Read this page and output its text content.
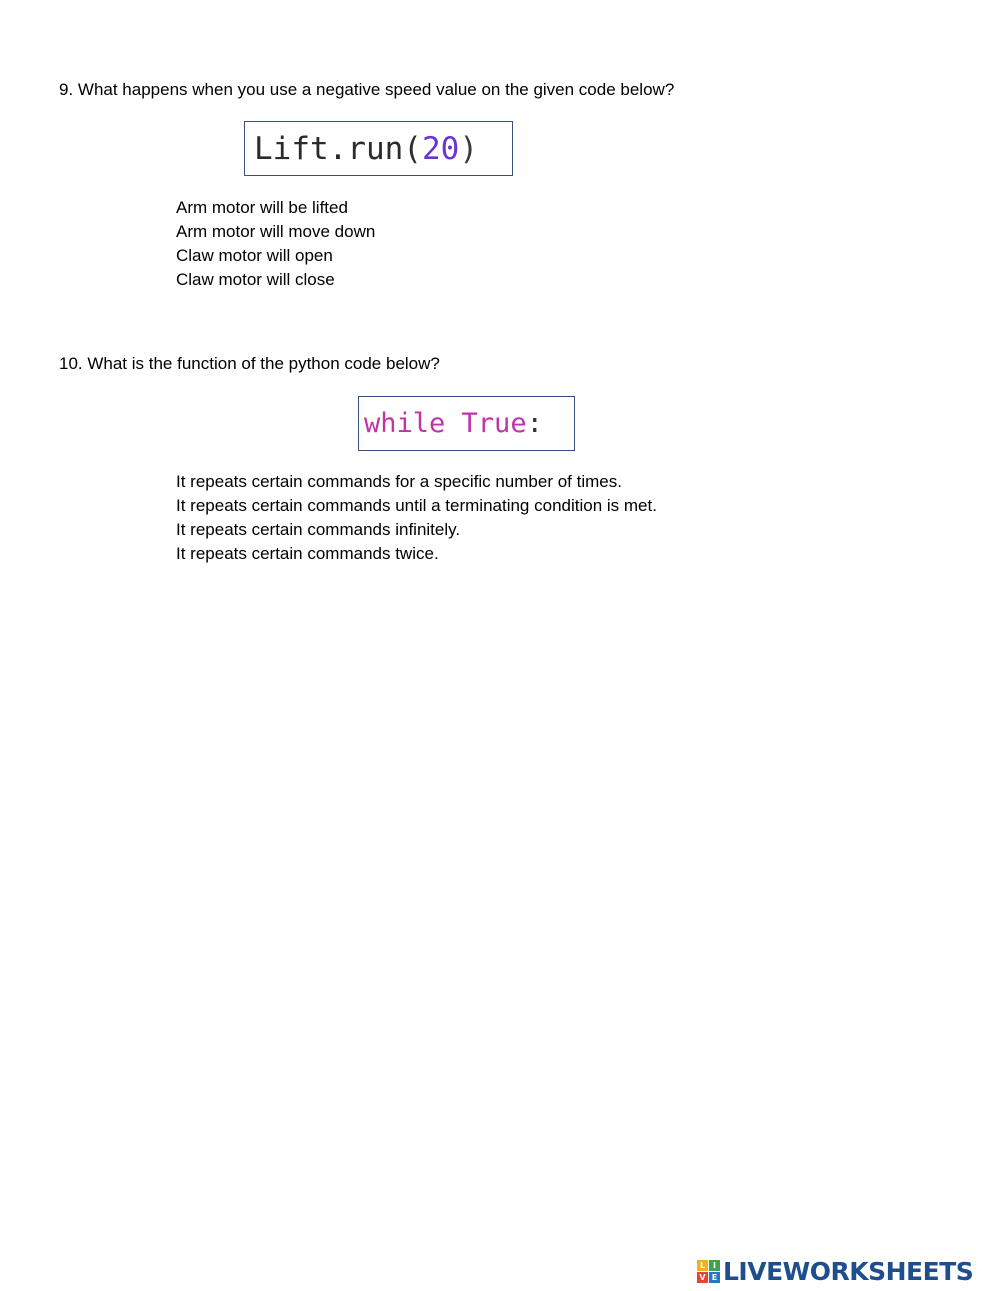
9. What happens when you use a negative speed value on the given code below?
Lift.run( 20 )
Arm motor will be lifted
Arm motor will move down
Claw motor will open
Claw motor will close
10. What is the function of the python code below?
while
True :
It repeats certain commands for a specific number of times.
It repeats certain commands until a terminating condition is met.
It repeats certain commands infinitely.
It repeats certain commands twice.
L I
V E LIVEWORKSHEETS
